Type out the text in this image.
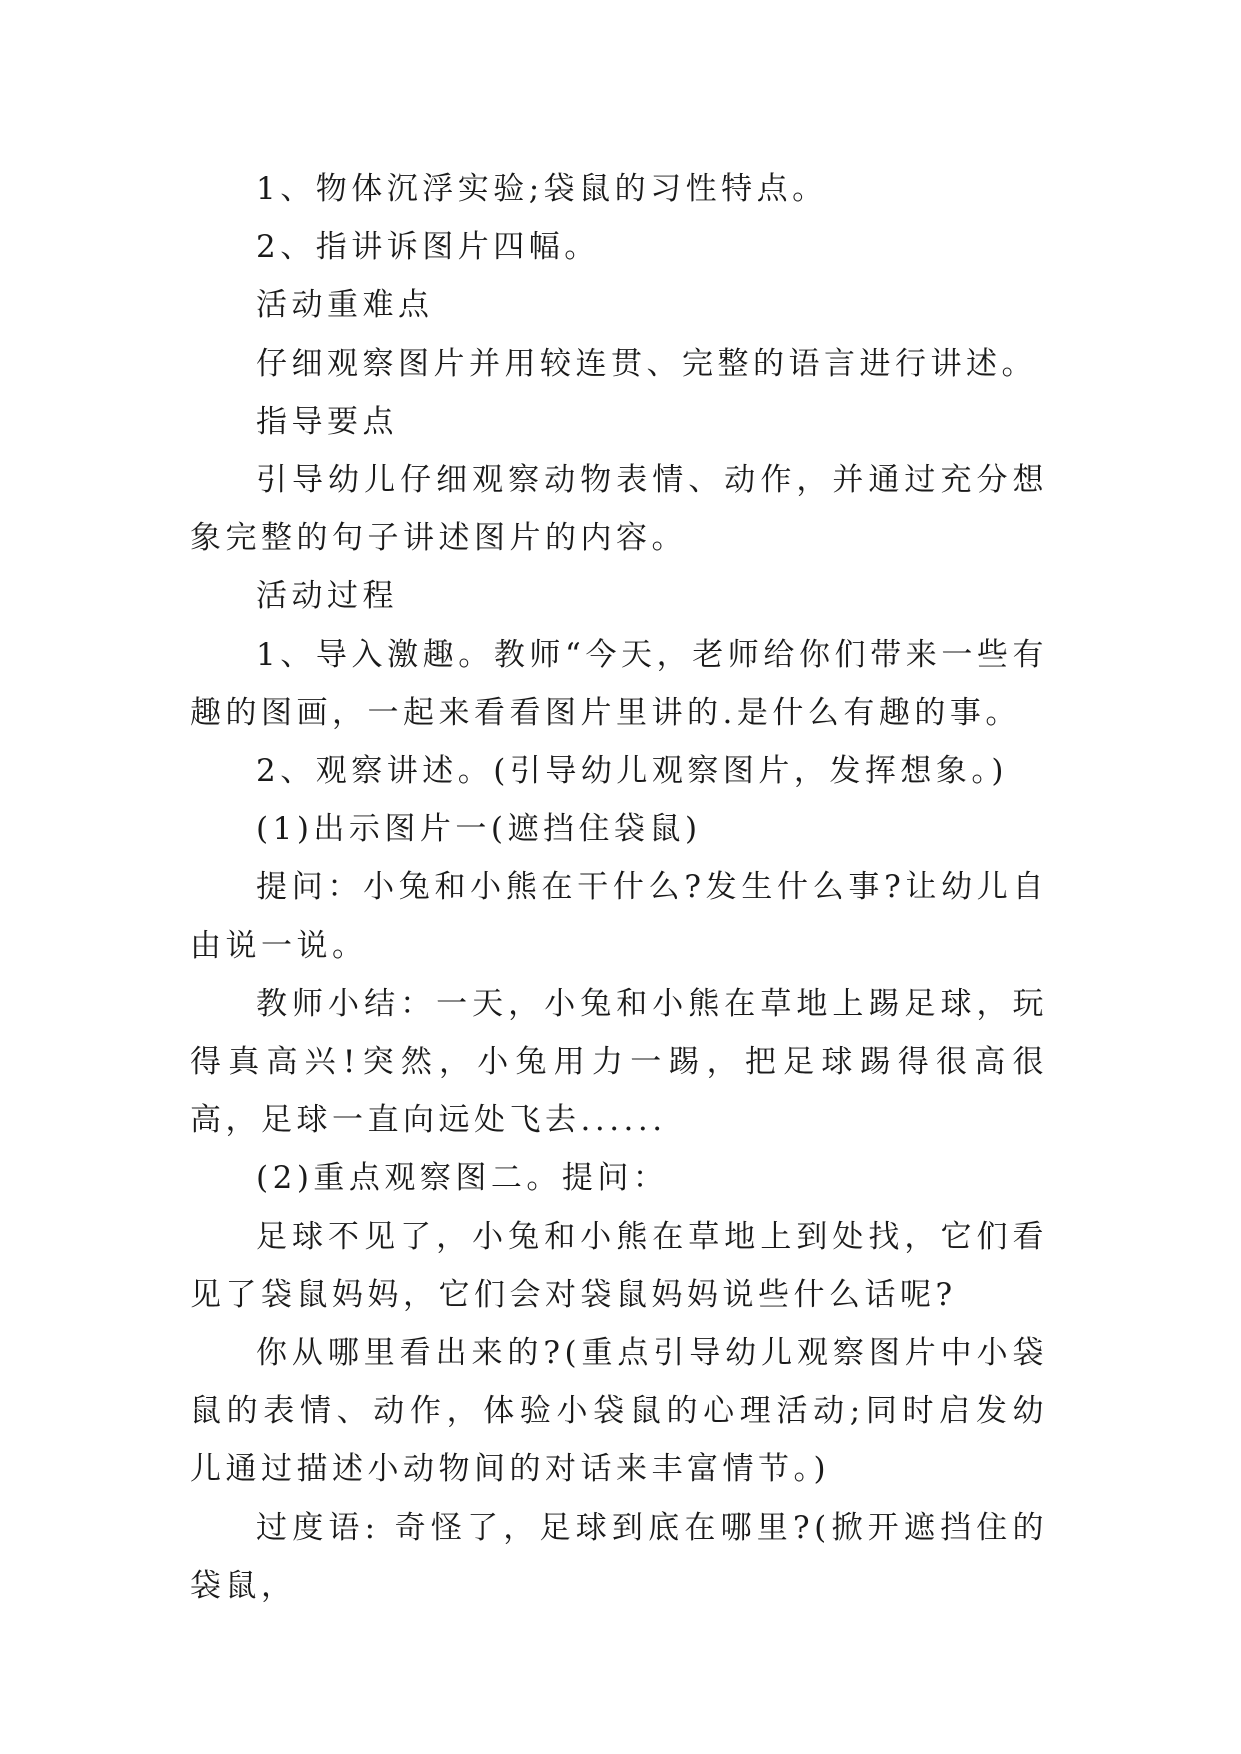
1、物体沉浮实验;袋鼠的习性特点。

2、指讲诉图片四幅。

活动重难点

仔细观察图片并用较连贯、完整的语言进行讲述。

指导要点

引导幼儿仔细观察动物表情、动作，并通过充分想象完整的句子讲述图片的内容。

活动过程

1、导入激趣。教师“今天，老师给你们带来一些有趣的图画，一起来看看图片里讲的.是什么有趣的事。

2、观察讲述。(引导幼儿观察图片，发挥想象。)

(1)出示图片一(遮挡住袋鼠)

提问：小兔和小熊在干什么?发生什么事?让幼儿自由说一说。

教师小结：一天，小兔和小熊在草地上踢足球，玩得真高兴!突然，小兔用力一踢，把足球踢得很高很高，足球一直向远处飞去......

(2)重点观察图二。提问：

足球不见了，小兔和小熊在草地上到处找，它们看见了袋鼠妈妈，它们会对袋鼠妈妈说些什么话呢?

你从哪里看出来的?(重点引导幼儿观察图片中小袋鼠的表情、动作，体验小袋鼠的心理活动;同时启发幼儿通过描述小动物间的对话来丰富情节。)

过度语: 奇怪了，足球到底在哪里?(掀开遮挡住的袋鼠，
